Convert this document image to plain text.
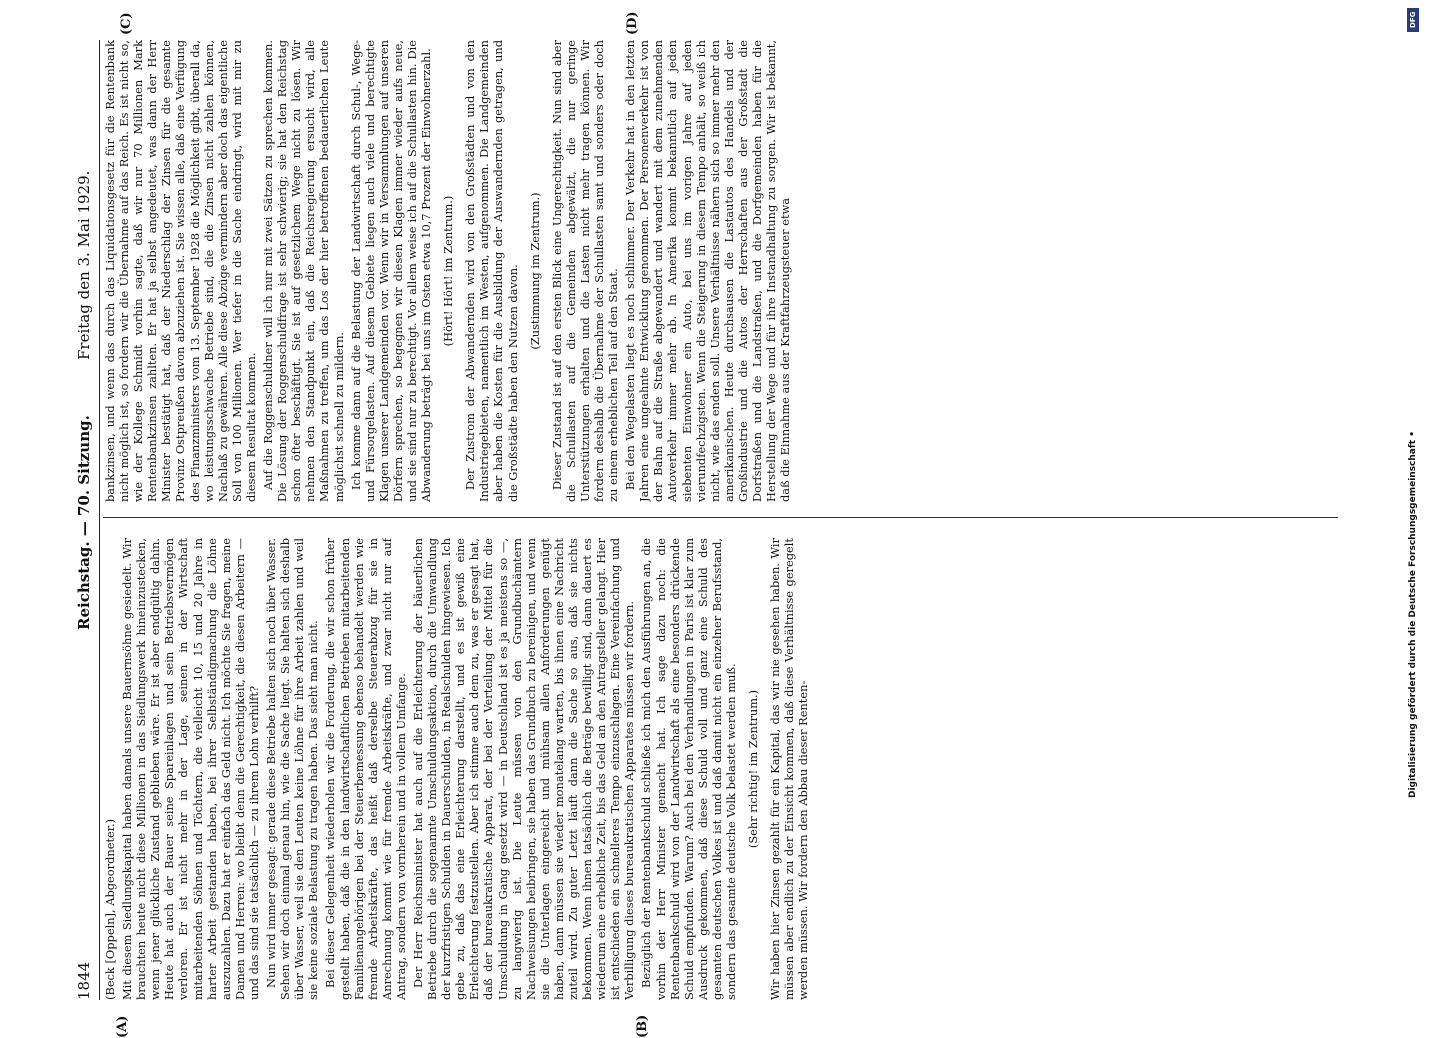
1844
Reichstag. — 70. Sitzung.
Freitag den 3. Mai 1929.
(A)	(B)
(C)	(D)

(Beck [Oppeln], Abgeordneter.) Mit diesem Siedlungskapital haben damals unsere Bauernsöhne gesiedelt. Wir brauchten heute nicht diese Millionen in das Siedlungswerk hineinzustecken, wenn jener glückliche Zustand geblieben wäre. Er ist aber endgültig dahin. Heute hat auch der Bauer seine Spareinlagen und sein Betriebsvermögen verloren. Er ist nicht mehr in der Lage, seinen in der Wirtschaft mitarbeitenden Söhnen und Töchtern, die vielleicht 10, 15 und 20 Jahre in harter Arbeit gestanden haben, bei ihrer Selbständigmachung die Löhne auszuzahlen. Dazu hat er einfach das Geld nicht. Ich möchte Sie fragen, meine Damen und Herren: wo bleibt denn die Gerechtigkeit, die diesen Arbeitern — und das sind sie tatsächlich — zu ihrem Lohn verhilft? Nun wird immer gesagt: gerade diese Betriebe halten sich noch über Wasser. Sehen wir doch einmal genau hin, wie die Sache liegt. Sie halten sich deshalb über Wasser, weil sie den Leuten keine Löhne für ihre Arbeit zahlen und weil sie keine soziale Belastung zu tragen haben. Das sieht man nicht. Bei dieser Gelegenheit wiederholen wir die Forderung, die wir schon früher gestellt haben, daß die in den landwirtschaftlichen Betrieben mitarbeitenden Familienangehörigen bei der Steuerbemessung ebenso behandelt werden wie fremde Arbeitskräfte, das heißt daß derselbe Steuerabzug für sie in Anrechnung kommt wie für fremde Arbeitskräfte, und zwar nicht nur auf Antrag, sondern von vornherein und in vollem Umfange. Der Herr Reichsminister hat auch auf die Erleichterung der bäuerlichen Betriebe durch die sogenannte Umschuldungsaktion, durch die Umwandlung der kurzfristigen Schulden in Dauerschulden, in Realschulden hingewiesen. Ich gebe zu, daß das eine Erleichterung darstellt, und es ist gewiß eine Erleichterung festzustellen. Aber ich stimme auch dem zu, was er gesagt hat, daß der bureaukratische Apparat, der bei der Verteilung der Mittel für die Umschuldung in Gang gesetzt wird — in Deutschland ist es ja meistens so —, zu langwierig ist. Die Leute müssen von den Grundbuchämtern Nachweisungen beibringen, sie haben das Grundbuch zu bereinigen, und wenn sie die Unterlagen eingereicht und mühsam allen Anforderungen genügt haben, dann müssen sie wieder monatelang warten, bis ihnen eine Nachricht zuteil wird. Zu guter Letzt läuft dann die Sache so aus, daß sie nichts bekommen. Wenn ihnen tatsächlich die Beträge bewilligt sind, dann dauert es wiederum eine erhebliche Zeit, bis das Geld an den Antragsteller gelangt. Hier ist entschieden ein schnelleres Tempo einzuschlagen. Eine Vereinfachung und Verbilligung dieses bureaukratischen Apparates müssen wir fordern. Bezüglich der Rentenbankschuld schließe ich mich den Ausführungen an, die vorhin der Herr Minister gemacht hat. Ich sage dazu noch: die Rentenbankschuld wird von der Landwirtschaft als eine besonders drückende Schuld empfunden. Warum? Auch bei den Verhandlungen in Paris ist klar zum Ausdruck gekommen, daß diese Schuld voll und ganz eine Schuld des gesamten deutschen Volkes ist und daß damit nicht ein einzelner Berufsstand, sondern das gesamte deutsche Volk belastet werden muß. (Sehr richtig! im Zentrum.) Wir haben hier Zinsen gezahlt für ein Kapital, das wir nie gesehen haben. Wir müssen aber endlich zu der Einsicht kommen, daß diese Verhältnisse geregelt werden müssen. Wir fordern den Abbau dieser Renten-

bankzinsen, und wenn das durch das Liquidationsgesetz für die Rentenbank nicht möglich ist, so fordern wir die Übernahme auf das Reich. Es ist nicht so, wie der Kollege Schmidt vorhin sagte, daß wir nur 70 Millionen Mark Rentenbankzinsen zahlten. Er hat ja selbst angedeutet, was dann der Herr Minister bestätigt hat, daß der Niederschlag der Zinsen für die gesamte Provinz Ostpreußen davon abzuziehen ist. Sie wissen alle, daß eine Verfügung des Finanzministers vom 13. September 1928 die Möglichkeit gibt, überall da, wo leistungsschwache Betriebe sind, die die Zinsen nicht zahlen können, Nachlaß zu gewähren. Alle diese Abzüge vermindern aber doch das eigentliche Soll von 100 Millionen. Wer tiefer in die Sache eindringt, wird mit mir zu diesem Resultat kommen. Auf die Roggenschuldner will ich nur mit zwei Sätzen zu sprechen kommen. Die Lösung der Roggenschuldfrage ist sehr schwierig; sie hat den Reichstag schon öfter beschäftigt. Sie ist auf gesetzlichem Wege nicht zu lösen. Wir nehmen den Standpunkt ein, daß die Reichsregierung ersucht wird, alle Maßnahmen zu treffen, um das Los der hier betroffenen bedauerlichen Leute möglichst schnell zu mildern. Ich komme dann auf die Belastung der Landwirtschaft durch Schul-, Wege- und Fürsorgelasten. Auf diesem Gebiete liegen auch viele und berechtigte Klagen unserer Landgemeinden vor. Wenn wir in Versammlungen auf unseren Dörfern sprechen, so begegnen wir diesen Klagen immer wieder aufs neue, und sie sind nur zu berechtigt. Vor allem weise ich auf die Schullasten hin. Die Abwanderung beträgt bei uns im Osten etwa 10,7 Prozent der Einwohnerzahl. (Hört! Hört! im Zentrum.) Der Zustrom der Abwandernden wird von den Großstädten und von den Industriegebieten, namentlich im Westen, aufgenommen. Die Landgemeinden aber haben die Kosten für die Ausbildung der Auswandernden getragen, und die Großstädte haben den Nutzen davon. (Zustimmung im Zentrum.) Dieser Zustand ist auf den ersten Blick eine Ungerechtigkeit. Nun sind aber die Schullasten auf die Gemeinden abgewälzt, die nur geringe Unterstützungen erhalten und die Lasten nicht mehr tragen können. Wir fordern deshalb die Übernahme der Schullasten samt und sonders oder doch zu einem erheblichen Teil auf den Staat. Bei den Wegelasten liegt es noch schlimmer. Der Verkehr hat in den letzten Jahren eine ungeahnte Entwicklung genommen. Der Personenverkehr ist von der Bahn auf die Straße abgewandert und wandert mit dem zunehmenden Autoverkehr immer mehr ab. In Amerika kommt bekanntlich auf jeden siebenten Einwohner ein Auto, bei uns im vorigen Jahre auf jeden vierundfechzigsten. Wenn die Steigerung in diesem Tempo anhält, so weiß ich nicht, wie das enden soll. Unsere Verhältnisse nähern sich so immer mehr den amerikanischen. Heute durchsausen die Lastautos des Handels und der Großindustrie und die Autos der Herrschaften aus der Großstadt die Dorfstraßen und die Landstraßen, und die Dorfgemeinden haben für die Herstellung der Wege und für ihre Instandhaltung zu sorgen. Wir ist bekannt, daß die Einnahme aus der Kraftfahrzeugsteuer etwa

DFG
Digitalisierung gefördert durch die Deutsche Forschungsgemeinschaft •
